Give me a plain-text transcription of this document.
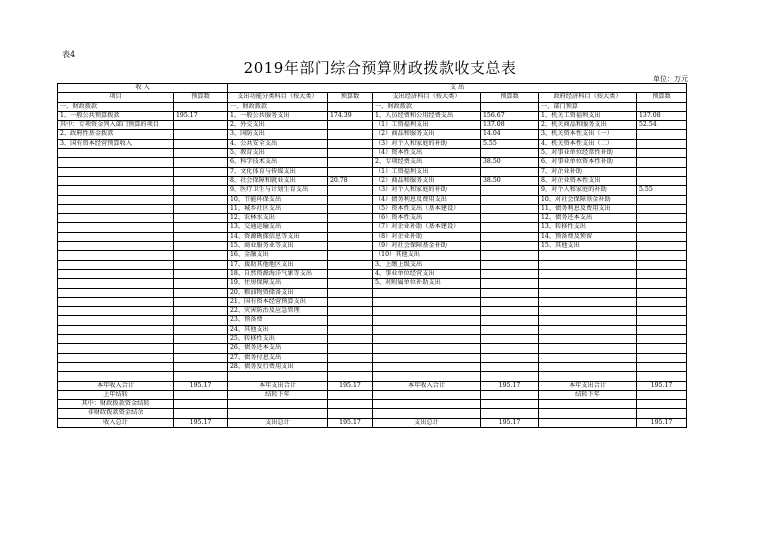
表4
2019年部门综合预算财政拨款收支总表
单位：万元
收 入		支 出					
项目	预算数	支出功能分类科目（按大类）	预算数	支出经济科目（按大类）	预算数	政府经济科目（按大类）	预算数
一、财政拨款		一、财政拨款		一、财政拨款		一、部门预算	
1、一般公共预算拨款	195.17	1、一般公共服务支出	174.39	1、人员经费和公用经费支出	156.67	1、机关工资福利支出	137.08
其中：专项资金列入部门预算的项目		2、外交支出		（1）工资福利支出	137.08	2、机关商品和服务支出	52.54
2、政府性基金拨款		3、国防支出		（2）商品和服务支出	14.04	3、机关资本性支出（一）	
3、国有资本经营预算收入		4、公共安全支出		（3）对个人和家庭的补助	5.55	4、机关资本性支出（二）	
		5、教育支出		（4）资本性支出		5、对事业单位经常性补助	
		6、科学技术支出		2、专项经费支出	38.50	6、对事业单位资本性补助	
		7、文化体育与传媒支出		（1）工资福利支出		7、对企业补助	
		8、社会保障和就业支出	20.78	（2）商品和服务支出	38.50	8、对企业资本性支出	
		9、医疗卫生与计划生育支出		（3）对个人和家庭的补助		9、对个人和家庭的补助	5.55
		10、节能环保支出		（4）债务利息及费用支出		10、对社会保障基金补助	
		11、城乡社区支出		（5）资本性支出（基本建设）		11、债务利息及费用支出	
		12、农林水支出		（6）资本性支出		12、债务还本支出	
		13、交通运输支出		（7）对企业补助（基本建设）		13、转移性支出	
		14、资源勘探信息等支出		（8）对企业补助		14、预备费及预留	
		15、商业服务业等支出		（9）对社会保障基金补助		15、其他支出	
		16、金融支出		（10）其他支出			
		17、援助其他地区支出		3、上缴上级支出			
		18、自然资源海洋气象等支出		4、事业单位经营支出			
		19、住房保障支出		5、对附属单位补助支出			
		20、粮油物资储备支出					
		21、国有资本经营预算支出					
		22、灾害防治及应急管理					
		23、预备费					
		24、其他支出					
		25、转移性支出					
		26、债务还本支出					
		27、债务付息支出					
		28、债务发行费用支出					

本年收入合计	195.17	本年支出合计	195.17	本年收入合计	195.17	本年支出合计	195.17
上年结转		结转下年				结转下年	
其中：财政拨款资金结转							
非财政拨款资金结余							
收入总计	195.17	支出总计	195.17	支出总计	195.17		195.17
